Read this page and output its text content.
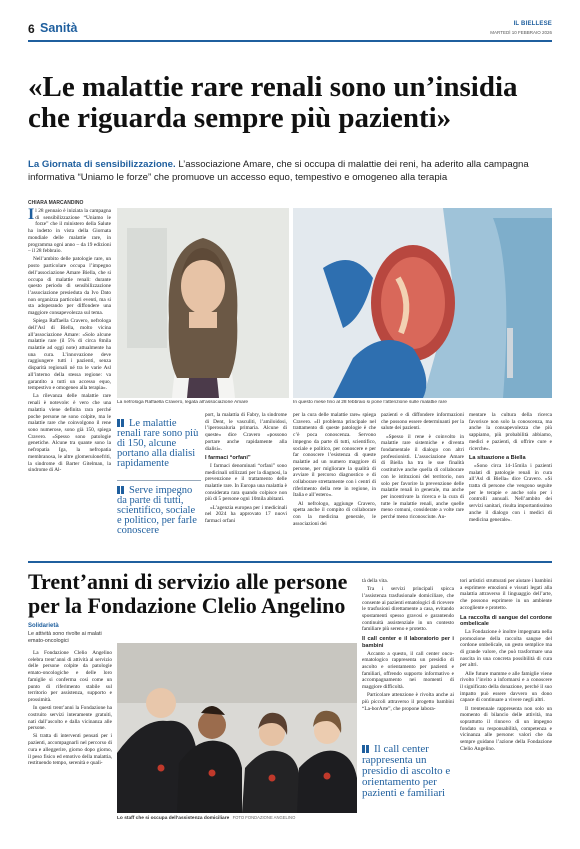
6 Sanità	IL BIELLESE
MARTEDÌ 10 FEBBRAIO 2026
«Le malattie rare renali sono un’insidia
che riguarda sempre più pazienti»
La Giornata di sensibilizzazione. L’associazione Amare, che si occupa di malattie dei reni, ha aderito alla campagna informativa “Uniamo le forze” che promuove un accesso equo, tempestivo e omogeneo alla terapia
CHIARA MARCANDINO
I l 28 gennaio è iniziata la campagna di sensibilizzazione “Uniamo le forze” che il ministero della Salute ha indetto in vista della Giornata mondiale delle malattie rare, in programma ogni anno – da 19 edizioni – il 28 febbraio.

Nell’ambito delle patologie rare, un posto particolare occupa l’impegno dell’associazione Amare Biella, che si occupa di malattie renali: durante questo periodo di sensibilizzazione l’associazione presieduta da Ivo Dato non organizza particolari eventi, ma si sta adoperando per diffondere una maggiore consapevolezza sul tema.

Spiega Raffaella Cravero, nefrologa dell’Asl di Biella, molto vicina all’associazione Amare: «Solo alcune malattie rare (il 5% di circa 8mila malattie ad oggi note) attualmente ha una cura. L’innovazione deve raggiungere tutti i pazienti, senza disparità regionali né tra le varie Asl all’interno della stessa regione: va garantito a tutti un accesso equo, tempestivo e omogeneo alla terapia».

La rilevanza delle malattie rare renali è notevole: è vero che una malattia viene definita rara perché poche persone ne sono colpite, ma le malattie rare che coinvolgono il rene sono numerose, sono già 150, spiega Cravero. «Spesso sono patologie genetiche. Alcune tra quante sono la nefropatia Iga, la nefropatia membranosa, le altre glomerulonefriti, la sindrome di Barter Gitelman, la sindrome di Al-

La nefrologa Raffaella Cravero, legata all’associazione Amare	In questo mese fino al 28 febbraio si pone l’attenzione sulle malattie rare
Le malattie renali rare sono più di 150, alcune portano alla dialisi rapidamente
Serve impegno da parte di tutti, scientifico, sociale e politico, per farle conoscere

port, la malattia di Fabry, la sindrome di Dent, le vasculiti, l’amiloidosi, l’iperossaluria primaria. Alcune di queste» dice Cravero «possono portare anche rapidamente alla dialisi».

I farmaci “orfani”

I farmaci denominati “orfani” sono medicinali utilizzati per la diagnosi, la prevenzione e il trattamento delle malattie rare. In Europa una malattia è considerata rara quando colpisce non più di 5 persone ogni 10mila abitanti.

«L’agenzia europea per i medicinali nel 2024 ha approvato 17 nuovi farmaci orfani

per la cura delle malattie rare» spiega Cravero. «Il problema principale nel trattamento di queste patologie è che c’è poca conoscenza. Servono impegno da parte di tutti, scientifico, sociale e politico, per conoscere e per far conoscere l’esistenza di queste malattie ad un numero maggiore di persone, per migliorare la qualità di avviare il percorso diagnostico e di collaborare strettamente con i centri di riferimento della rete in regione, in Italia e all’estero».

Al nefrologo, aggiunge Cravero, spetta anche il compito di collaborare con la medicina generale, le associazioni dei

pazienti e di diffondere informazioni che possono essere determinanti per la salute dei pazienti.

«Spesso il rene è coinvolto in malattie rare sistemiche e diventa fondamentale il dialogo con altri professionisti. L’associazione Amare di Biella ha tra le sue finalità costitutive anche quella di collaborare con le istituzioni del territorio, non solo per favorire la prevenzione delle malattie renali in generale, ma anche per incentivare la ricerca e la cura di tutte le malattie renali, anche quelle meno comuni, considerate a volte rare perché meno riconosciute. Au-

mentare la cultura della ricerca favorisce non solo la conoscenza, ma anche la consapevolezza che più sappiamo, più probabilità abbiamo, medici e pazienti, di offrire cure e ricerche».

La situazione a Biella

«Sono circa 14-15mila i pazienti malati di patologie renali in cura all’Asl di Biella» dice Cravero. «Si tratta di persone che vengono seguite per le terapie e anche solo per i controlli annuali. Nell’ambito dei servizi sanitari, risulta importantissimo anche il dialogo con i medici di medicina generale».

Trent’anni di servizio alle persone
per la Fondazione Clelio Angelino
Solidarietà
Le attività sono rivolte ai malati emato-oncologici

La Fondazione Clelio Angelino celebra trent’anni di attività al servizio delle persone colpite da patologie emato-oncologiche e delle loro famiglie si conferma così come un punto di riferimento stabile sul territorio per assistenza, supporto e prossimità.

In questi trent’anni la Fondazione ha costruito servizi interamente gratuiti, nati dall’ascolto e dalla vicinanza alle persone.

Si tratta di interventi pensati per i pazienti, accompagnarli nel percorso di cura e alleggerire, giorno dopo giorno, il peso fisico ed emotivo della malattia, restituendo tempo, serenità e quali-

Lo staff che si occupa dell’assistenza domiciliare FOTO FONDAZIONE ANGELINO

tà della vita.

Tra i servizi principali spicca l’assistenza trasfusionale domiciliare, che consente ai pazienti ematologici di ricevere le trasfusioni direttamente a casa, evitando spostamenti spesso gravosi e garantendo continuità assistenziale in un contesto familiare più sereno e protetto.

Il call center e il laboratorio per i bambini

Accanto a questo, il call center onco-ematologico rappresenta un presidio di ascolto e orientamento per pazienti e familiari, offrendo supporto informativo e accompagnamento nei momenti di maggiore difficoltà.

Particolare attenzione è rivolta anche ai più piccoli attraverso il progetto bambini “La-borArte”, che propone labora-

Il call center rappresenta un presidio di ascolto e orientamento per pazienti e familiari

tori artistici strutturati per aiutare i bambini a esprimere emozioni e vissuti legati alla malattia attraverso il linguaggio dell’arte, che possono esprimere in un ambiente accogliente e protetto.

La raccolta di sangue del cordone ombelicale

La Fondazione è inoltre impegnata nella promozione della raccolta sangue del cordone ombelicale, un gesto semplice ma di grande valore, che può trasformare una nascita in una concreta possibilità di cura per altri.

Alle future mamme e alle famiglie viene rivolto l’invito a informarsi e a conoscere il significato della donazione, perché il suo impatto può essere davvero un dono capace di continuare a vivere negli altri.

Il trentennale rappresenta non solo un momento di bilancio delle attività, ma soprattutto il rinnovo di un impegno fondato su responsabilità, competenza e vicinanza alle persone: valori che da sempre guidano l’azione della Fondazione Clelio Angelino.
